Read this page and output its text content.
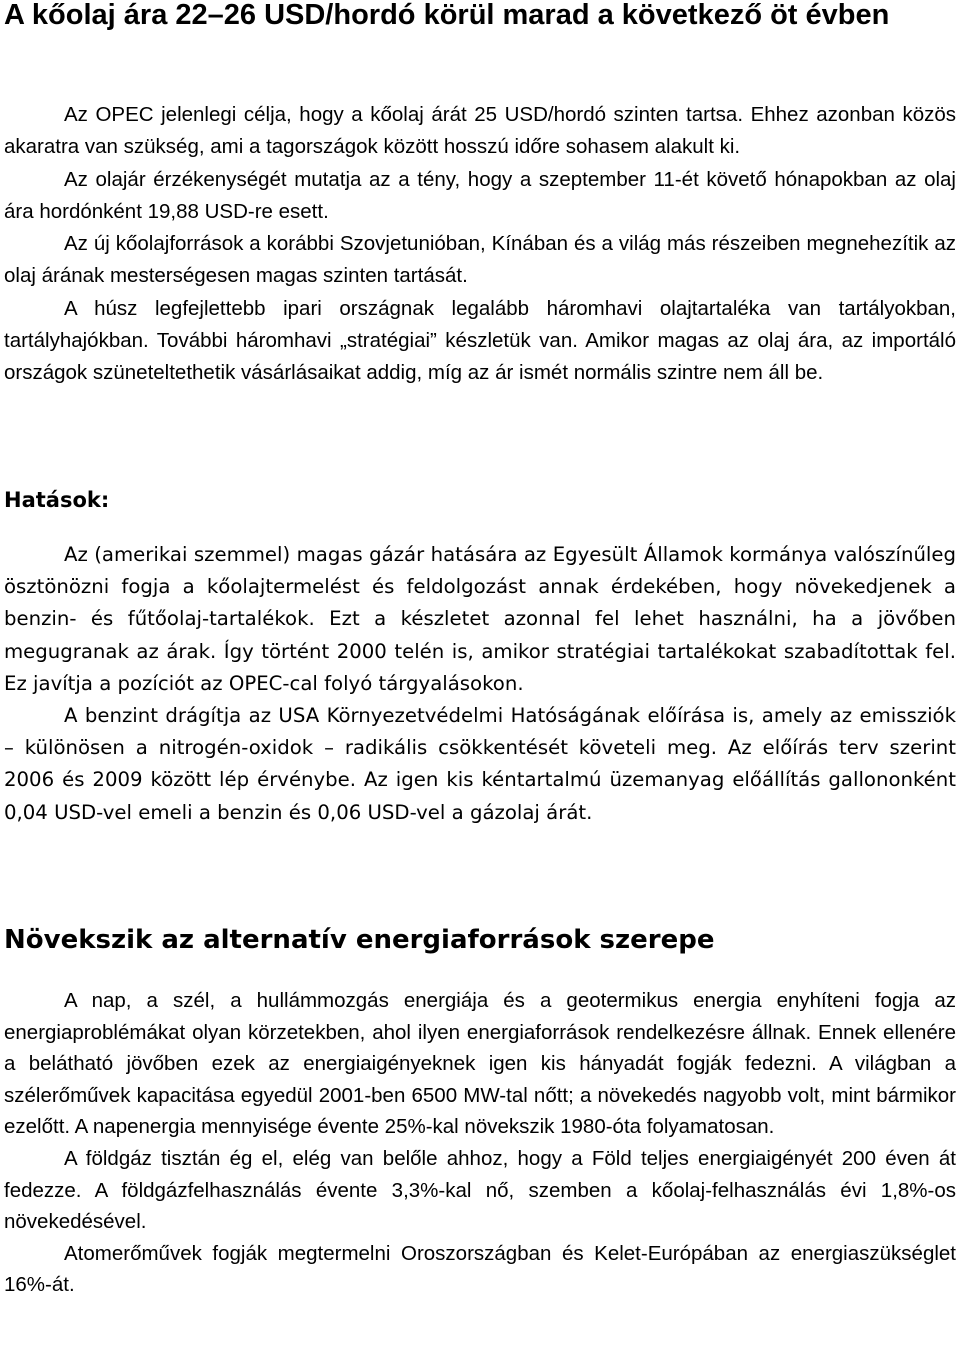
A kőolaj ára 22–26 USD/hordó körül marad a következő öt évben

Az OPEC jelenlegi célja, hogy a kőolaj árát 25 USD/hordó szinten tartsa. Ehhez azonban közös akaratra van szükség, ami a tagországok között hosszú időre sohasem alakult ki.

Az olajár érzékenységét mutatja az a tény, hogy a szeptember 11-ét követő hónapokban az olaj ára hordónként 19,88 USD-re esett.

Az új kőolajforrások a korábbi Szovjetunióban, Kínában és a világ más részeiben megnehezítik az olaj árának mesterségesen magas szinten tartását.

A húsz legfejlettebb ipari országnak legalább háromhavi olajtartaléka van tartályokban, tartályhajókban. További háromhavi „stratégiai” készletük van. Amikor magas az olaj ára, az importáló országok szüneteltethetik vásárlásaikat addig, míg az ár ismét normális szintre nem áll be.

Hatások:

Az (amerikai szemmel) magas gázár hatására az Egyesült Államok kormánya valószínűleg ösztönözni fogja a kőolajtermelést és feldolgozást annak érdekében, hogy növekedjenek a benzin- és fűtőolaj-tartalékok. Ezt a készletet azonnal fel lehet használni, ha a jövőben megugranak az árak. Így történt 2000 telén is, amikor stratégiai tartalékokat szabadítottak fel. Ez javítja a pozíciót az OPEC-cal folyó tárgyalásokon.

A benzint drágítja az USA Környezetvédelmi Hatóságának előírása is, amely az emissziók – különösen a nitrogén-oxidok – radikális csökkentését követeli meg. Az előírás terv szerint 2006 és 2009 között lép érvénybe. Az igen kis kéntartalmú üzemanyag előállítás gallononként 0,04 USD-vel emeli a benzin és 0,06 USD-vel a gázolaj árát.

Növekszik az alternatív energiaforrások szerepe

A nap, a szél, a hullámmozgás energiája és a geotermikus energia enyhíteni fogja az energiaproblémákat olyan körzetekben, ahol ilyen energiaforrások rendelkezésre állnak. Ennek ellenére a belátható jövőben ezek az energiaigényeknek igen kis hányadát fogják fedezni. A világban a szélerőművek kapacitása egyedül 2001-ben 6500 MW-tal nőtt; a növekedés nagyobb volt, mint bármikor ezelőtt. A napenergia mennyisége évente 25%-kal növekszik 1980-óta folyamatosan.

A földgáz tisztán ég el, elég van belőle ahhoz, hogy a Föld teljes energiaigényét 200 éven át fedezze. A földgázfelhasználás évente 3,3%-kal nő, szemben a kőolaj-felhasználás évi 1,8%-os növekedésével.

Atomerőművek fogják megtermelni Oroszországban és Kelet-Európában az energiaszükséglet 16%-át.
